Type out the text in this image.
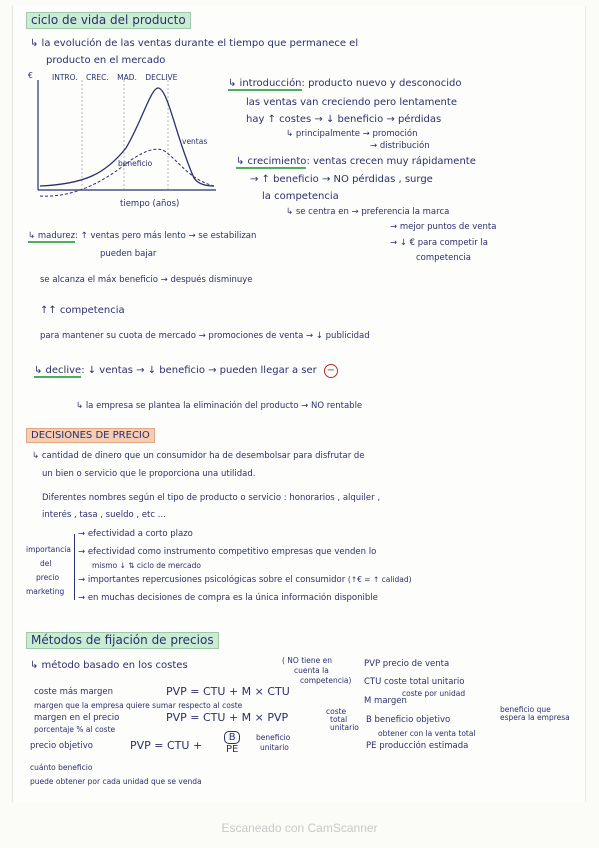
ciclo de vida del producto
↳ la evolución de las ventas durante el tiempo que permanece el
producto en el mercado
€	INTRO. CREC. MAD. DECLIVE
ventas
beneficio
tiempo (años)
↳ introducción: producto nuevo y desconocido
las ventas van creciendo pero lentamente
hay ↑ costes → ↓ beneficio → pérdidas
↳ principalmente → promoción
→ distribución
↳ crecimiento: ventas crecen muy rápidamente
→ ↑ beneficio → NO pérdidas , surge
la competencia
↳ se centra en → preferencia la marca
→ mejor puntos de venta
→ ↓ € para competir la
competencia
↳ madurez: ↑ ventas pero más lento → se estabilizan
pueden bajar
se alcanza el máx beneficio → después disminuye
↑↑ competencia
para mantener su cuota de mercado → promociones de venta → ↓ publicidad
↳ declive: ↓ ventas → ↓ beneficio → pueden llegar a ser −
↳ la empresa se plantea la eliminación del producto → NO rentable
DECISIONES DE PRECIO
↳ cantidad de dinero que un consumidor ha de desembolsar para disfrutar de
un bien o servicio que le proporciona una utilidad.
Diferentes nombres según el tipo de producto o servicio : honorarios , alquiler ,
interés , tasa , sueldo , etc ...
importancia
del
precio
marketing
→ efectividad a corto plazo
→ efectividad como instrumento competitivo empresas que venden lo
mismo ↓ ⇅ ciclo de mercado
→ importantes repercusiones psicológicas sobre el consumidor (↑€ = ↑ calidad)
→ en muchas decisiones de compra es la única información disponible
Métodos de fijación de precios
↳ método basado en los costes	( NO tiene en
cuenta la
competencia)
PVP precio de venta
CTU coste total unitario
coste por unidad
M margen
B beneficio objetivo
beneficio que espera la empresa
obtener con la venta total
PE producción estimada
coste más margen	PVP = CTU + M × CTU
margen que la empresa quiere sumar respecto al coste
margen en el precio	PVP = CTU + M × PVP	coste
total
unitario
porcentaje % al coste
precio objetivo	PVP = CTU + $\frac{B}{PE}$ beneficio
unitario
cuánto beneficio
puede obtener por cada unidad que se venda
Escaneado con CamScanner
